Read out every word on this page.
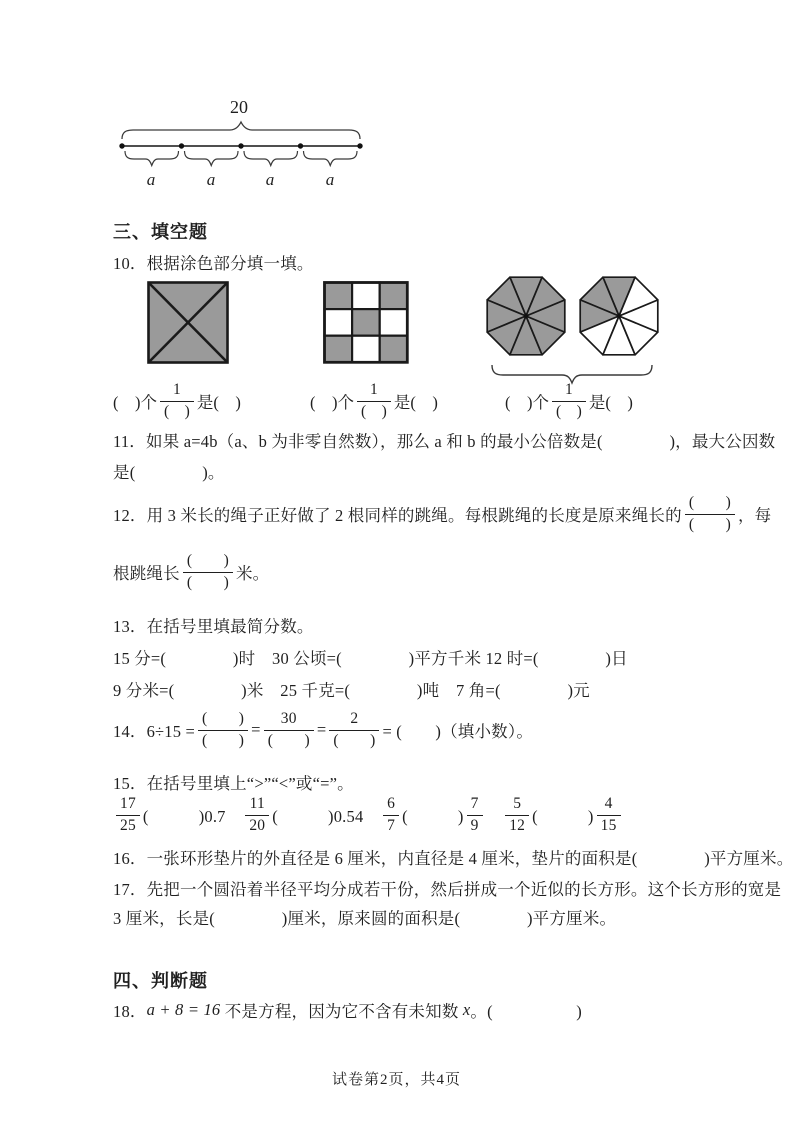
20
a	a	a	a
三、填空题
10．根据涂色部分填一填。
(　)个 $\frac{1}{( )}$ 是(　)	(　)个 $\frac{1}{( )}$ 是(　)	(　)个 $\frac{1}{( )}$ 是(　)
11．如果 a=4b（a、b 为非零自然数），那么 a 和 b 的最小公倍数是(　　　　)，最大公因数
是(　　　　)。
12．用 3 米长的绳子正好做了 2 根同样的跳绳。每根跳绳的长度是原来绳长的 $\frac{( )}{( )}$ ，每
根跳绳长 $\frac{( )}{( )}$ 米。
13．在括号里填最简分数。
15 分=(　　　　)时　30 公顷=(　　　　)平方千米 12 时=(　　　　)日
9 分米=(　　　　)米　25 千克=(　　　　)吨　7 角=(　　　　)元
14．$6\div 15 = \frac{( )}{( )} = \frac{30}{( )} = \frac{2}{( )}$ = (　　)（填小数）。
15．在括号里填上“>”“<”或“=”。
$\frac{17}{25}$ (　　　)0.7　 $\frac{11}{20}$ (　　　)0.54　 $\frac{6}{7}$ (　　　) $\frac{7}{9}$
　 $\frac{5}{12}$ (　　　) $\frac{4}{15}$
16．一张环形垫片的外直径是 6 厘米，内直径是 4 厘米，垫片的面积是(　　　　)平方厘米。
17．先把一个圆沿着半径平均分成若干份，然后拼成一个近似的长方形。这个长方形的宽是
3 厘米，长是(　　　　)厘米，原来圆的面积是(　　　　)平方厘米。
四、判断题
18． a + 8 = 16 不是方程，因为它不含有未知数 x 。(　　　　　)
试卷第2页，共4页
